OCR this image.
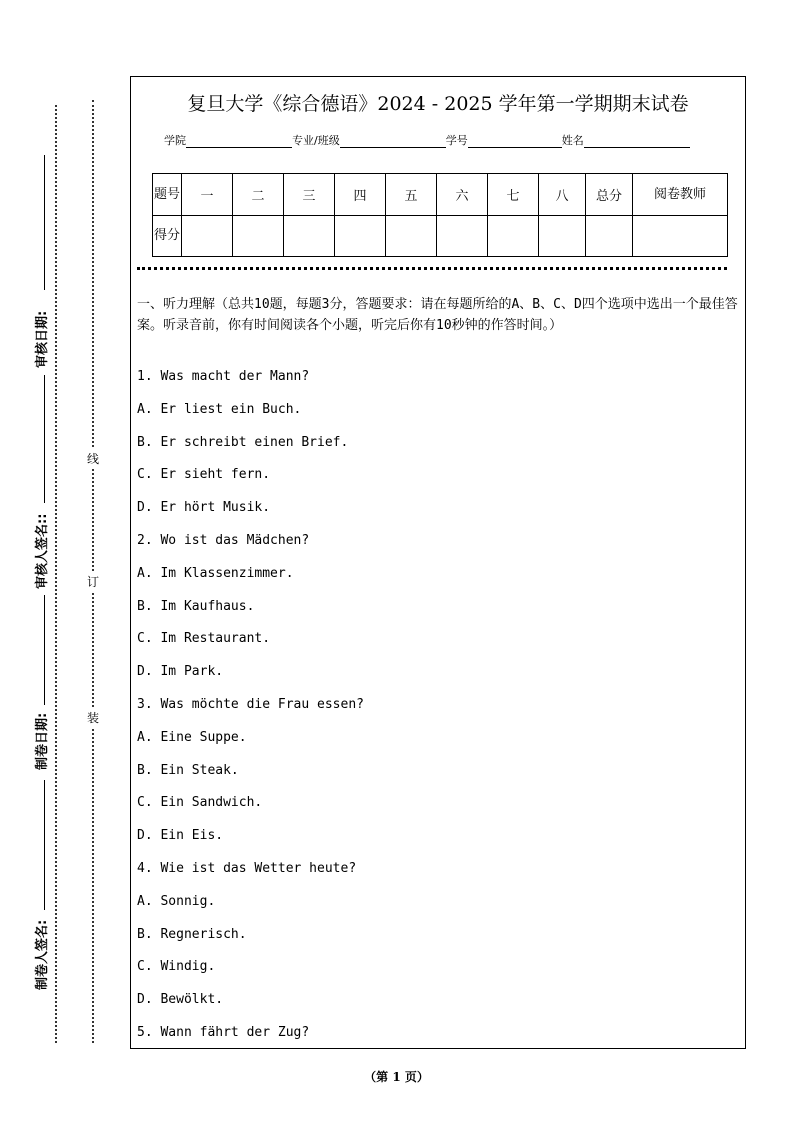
审核日期:
审核人签名::
制卷日期:
制卷人签名:
线
订
装
复旦大学《综合德语》2024 - 2025 学年第一学期期末试卷
学院	专业/班级	学号	姓名
题号	一	二	三	四	五	六	七	八	总分	阅卷教师
得分										
一、听力理解（总共10题，每题3分，答题要求：请在每题所给的A、B、C、D四个选项中选出一个最佳答案。听录音前，你有时间阅读各个小题，听完后你有10秒钟的作答时间。）
1. Was macht der Mann?
A. Er liest ein Buch.
B. Er schreibt einen Brief.
C. Er sieht fern.
D. Er hört Musik.
2. Wo ist das Mädchen?
A. Im Klassenzimmer.
B. Im Kaufhaus.
C. Im Restaurant.
D. Im Park.
3. Was möchte die Frau essen?
A. Eine Suppe.
B. Ein Steak.
C. Ein Sandwich.
D. Ein Eis.
4. Wie ist das Wetter heute?
A. Sonnig.
B. Regnerisch.
C. Windig.
D. Bewölkt.
5. Wann fährt der Zug?
（第 1 页）
